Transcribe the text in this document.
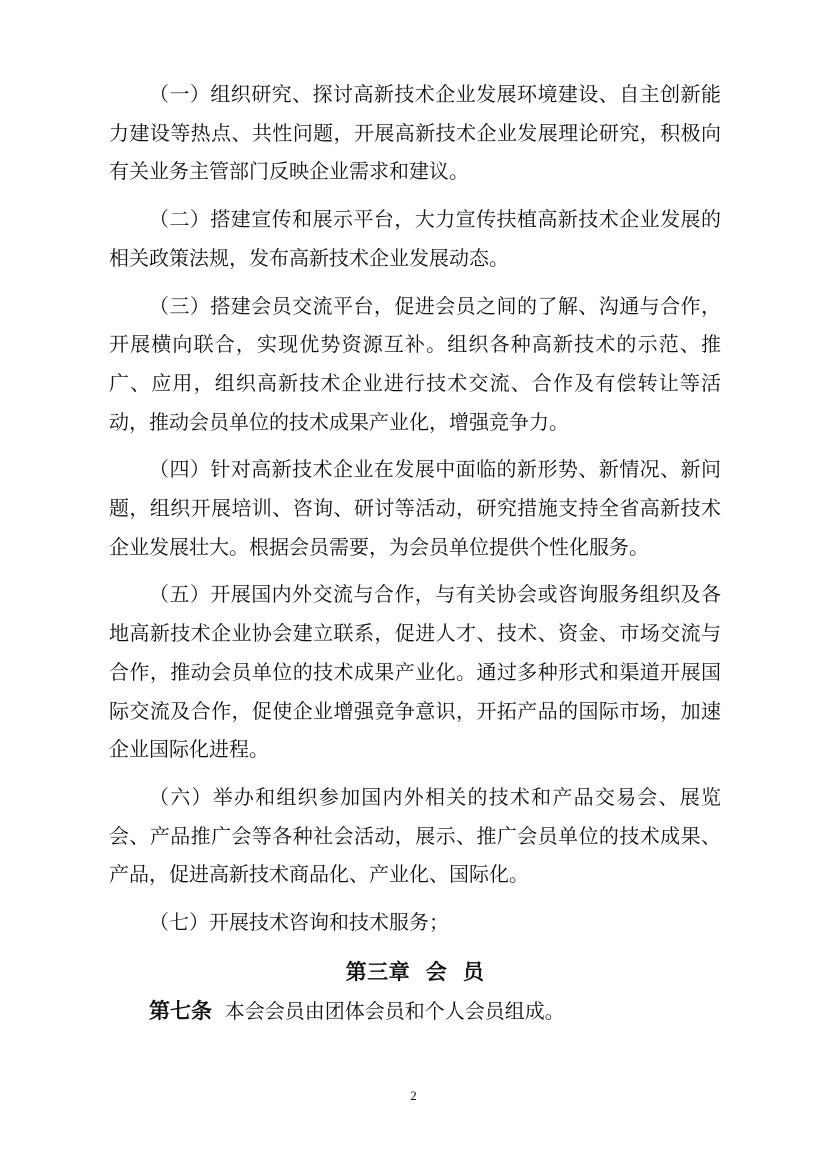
（一）组织研究、探讨高新技术企业发展环境建设、自主创新能力建设等热点、共性问题，开展高新技术企业发展理论研究，积极向有关业务主管部门反映企业需求和建议。

（二）搭建宣传和展示平台，大力宣传扶植高新技术企业发展的相关政策法规，发布高新技术企业发展动态。

（三）搭建会员交流平台，促进会员之间的了解、沟通与合作，开展横向联合，实现优势资源互补。组织各种高新技术的示范、推广、应用，组织高新技术企业进行技术交流、合作及有偿转让等活动，推动会员单位的技术成果产业化，增强竞争力。

（四）针对高新技术企业在发展中面临的新形势、新情况、新问题，组织开展培训、咨询、研讨等活动，研究措施支持全省高新技术企业发展壮大。根据会员需要，为会员单位提供个性化服务。

（五）开展国内外交流与合作，与有关协会或咨询服务组织及各地高新技术企业协会建立联系，促进人才、技术、资金、市场交流与合作，推动会员单位的技术成果产业化。通过多种形式和渠道开展国际交流及合作，促使企业增强竞争意识，开拓产品的国际市场，加速企业国际化进程。

（六）举办和组织参加国内外相关的技术和产品交易会、展览会、产品推广会等各种社会活动，展示、推广会员单位的技术成果、产品，促进高新技术商品化、产业化、国际化。

（七）开展技术咨询和技术服务；

第三章  会  员

第七条 本会会员由团体会员和个人会员组成。

2
